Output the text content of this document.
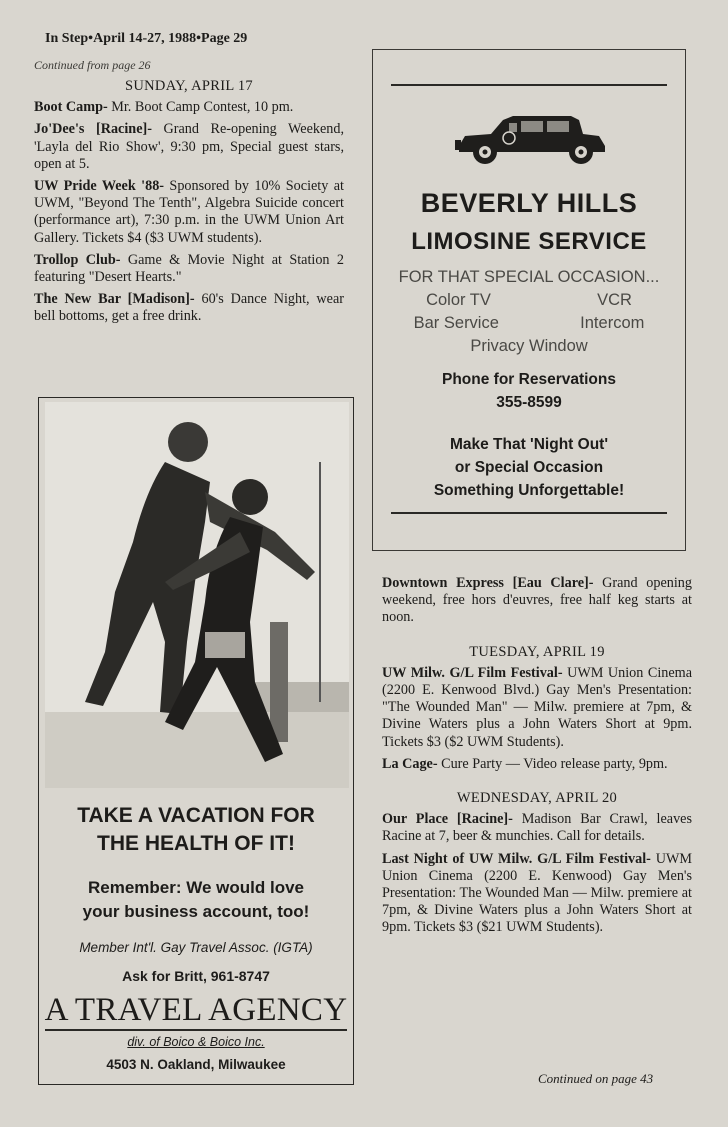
In Step•April 14-27, 1988•Page 29
Continued from page 26
SUNDAY, APRIL 17

Boot Camp- Mr. Boot Camp Contest, 10 pm.

Jo'Dee's [Racine]- Grand Re-opening Weekend, 'Layla del Rio Show', 9:30 pm, Special guest stars, open at 5.

UW Pride Week '88- Sponsored by 10% Society at UWM, "Beyond The Tenth", Algebra Suicide concert (performance art), 7:30 p.m. in the UWM Union Art Gallery. Tickets $4 ($3 UWM students).

Trollop Club- Game & Movie Night at Station 2 featuring "Desert Hearts."

The New Bar [Madison]- 60's Dance Night, wear bell bottoms, get a free drink.

BEVERLY HILLS
LIMOSINE SERVICE
FOR THAT SPECIAL OCCASION...
Color TV	VCR
Bar Service	Intercom
Privacy Window
Phone for Reservations
355-8599
Make That 'Night Out'
or Special Occasion
Something Unforgettable!
TAKE A VACATION FOR
THE HEALTH OF IT!
Remember: We would love
your business account, too!
Member Int'l. Gay Travel Assoc. (IGTA)
Ask for Britt, 961-8747
A TRAVEL AGENCY
div. of Boico & Boico Inc.
4503 N. Oakland, Milwaukee

Downtown Express [Eau Clare]- Grand opening weekend, free hors d'euvres, free half keg starts at noon.

TUESDAY, APRIL 19

UW Milw. G/L Film Festival- UWM Union Cinema (2200 E. Kenwood Blvd.) Gay Men's Presentation: "The Wounded Man" — Milw. premiere at 7pm, & Divine Waters plus a John Waters Short at 9pm. Tickets $3 ($2 UWM Students).

La Cage- Cure Party — Video release party, 9pm.

WEDNESDAY, APRIL 20

Our Place [Racine]- Madison Bar Crawl, leaves Racine at 7, beer & munchies. Call for details.

Last Night of UW Milw. G/L Film Festival- UWM Union Cinema (2200 E. Kenwood) Gay Men's Presentation: The Wounded Man — Milw. premiere at 7pm, & Divine Waters plus a John Waters Short at 9pm. Tickets $3 ($21 UWM Students).

Continued on page 43
